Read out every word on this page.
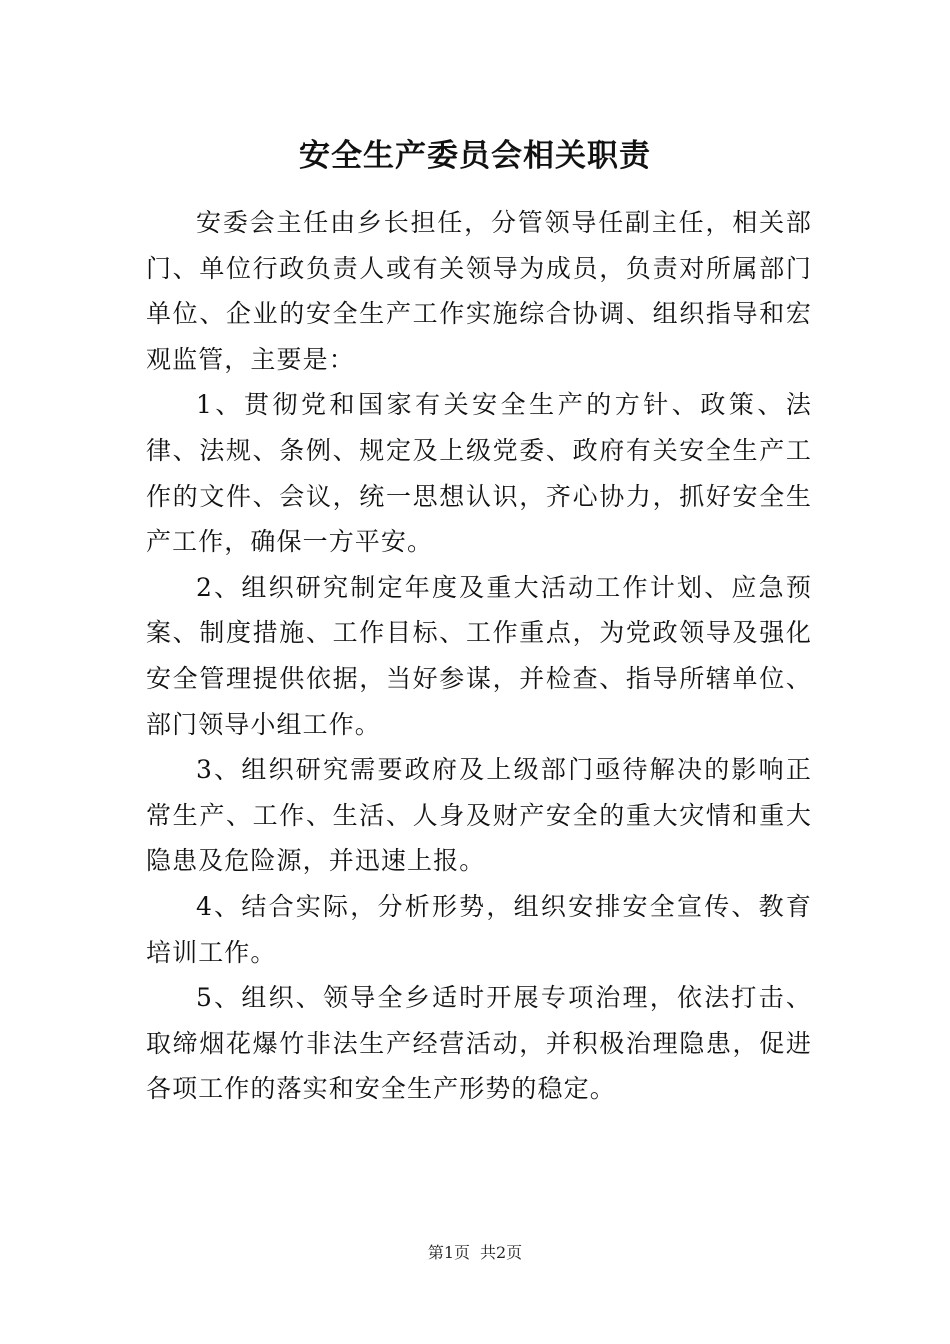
安全生产委员会相关职责

安委会主任由乡长担任，分管领导任副主任，相关部门、单位行政负责人或有关领导为成员，负责对所属部门单位、企业的安全生产工作实施综合协调、组织指导和宏观监管，主要是：

1、贯彻党和国家有关安全生产的方针、政策、法律、法规、条例、规定及上级党委、政府有关安全生产工作的文件、会议，统一思想认识，齐心协力，抓好安全生产工作，确保一方平安。

2、组织研究制定年度及重大活动工作计划、应急预案、制度措施、工作目标、工作重点，为党政领导及强化安全管理提供依据，当好参谋，并检查、指导所辖单位、部门领导小组工作。

3、组织研究需要政府及上级部门亟待解决的影响正常生产、工作、生活、人身及财产安全的重大灾情和重大隐患及危险源，并迅速上报。

4、结合实际，分析形势，组织安排安全宣传、教育培训工作。

5、组织、领导全乡适时开展专项治理，依法打击、取缔烟花爆竹非法生产经营活动，并积极治理隐患，促进各项工作的落实和安全生产形势的稳定。

第1页 共2页
